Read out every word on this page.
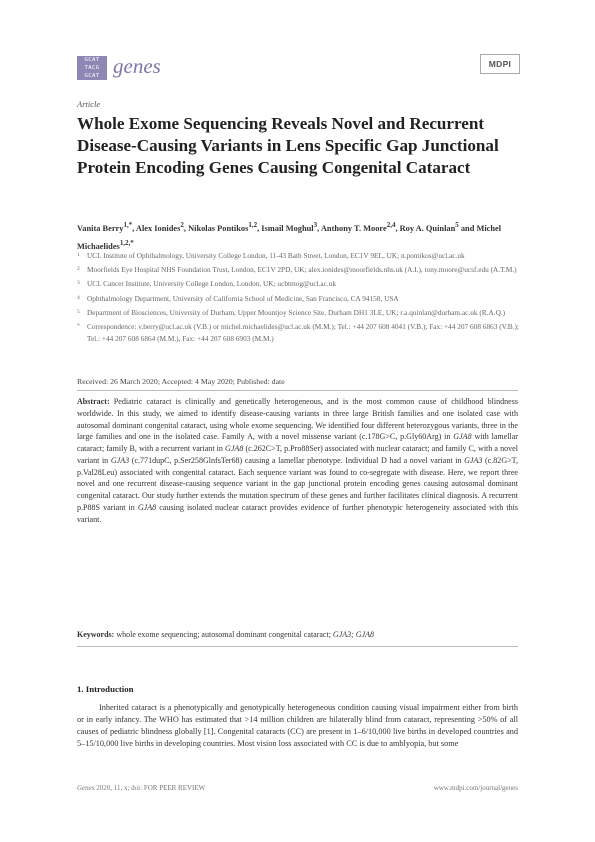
GCAT
TACG
GCAT genes	MDPI
Article
Whole Exome Sequencing Reveals Novel and Recurrent Disease-Causing Variants in Lens Specific Gap Junctional Protein Encoding Genes Causing Congenital Cataract

Vanita Berry$^{1,*}$, Alex Ionides$^2$, Nikolas Pontikos$^{1,2}$, Ismail Moghul$^3$, Anthony T. Moore$^{2,4}$, Roy A. Quinlan$^5$ and Michel Michaelides$^{1,2,*}$

1 UCL Institute of Ophthalmology, University College London, 11-43 Bath Street, London, EC1V 9EL, UK; n.pontikos@ucl.ac.uk
2 Moorfields Eye Hospital NHS Foundation Trust, London, EC1V 2PD, UK; alex.ionides@moorfields.nhs.uk (A.I.), tony.moore@ucsf.edu (A.T.M.)
3 UCL Cancer Institute, University College London, London, UK; ucbtmog@ucl.ac.uk
4 Ophthalmology Department, University of California School of Medicine, San Francisco, CA 94158, USA
5 Department of Biosciences, University of Durham, Upper Mountjoy Science Site, Durham DH1 3LE, UK; r.a.quinlan@durham.ac.uk (R.A.Q.)
* Correspondence: v.berry@ucl.ac.uk (V.B.) or michel.michaelides@ucl.ac.uk (M.M.); Tel.: +44 207 608 4041 (V.B.); Fax: +44 207 608 6863 (V.B.); Tel.: +44 207 608 6864 (M.M.), Fax: +44 207 608 6903 (M.M.)
Received: 26 March 2020; Accepted: 4 May 2020; Published: date

Abstract: Pediatric cataract is clinically and genetically heterogeneous, and is the most common cause of childhood blindness worldwide. In this study, we aimed to identify disease-causing variants in three large British families and one isolated case with autosomal dominant congenital cataract, using whole exome sequencing. We identified four different heterozygous variants, three in the large families and one in the isolated case. Family A, with a novel missense variant (c.178G>C, p.Gly60Arg) in GJA8 with lamellar cataract; family B, with a recurrent variant in GJA8 (c.262C>T, p.Pro88Ser) associated with nuclear cataract; and family C, with a novel variant in GJA3 (c.771dupC, p.Ser258GlnfsTer68) causing a lamellar phenotype. Individual D had a novel variant in GJA3 (c.82G>T, p.Val28Leu) associated with congenital cataract. Each sequence variant was found to co-segregate with disease. Here, we report three novel and one recurrent disease-causing sequence variant in the gap junctional protein encoding genes causing autosomal dominant congenital cataract. Our study further extends the mutation spectrum of these genes and further facilitates clinical diagnosis. A recurrent p.P88S variant in GJA8 causing isolated nuclear cataract provides evidence of further phenotypic heterogeneity associated with this variant.

Keywords: whole exome sequencing; autosomal dominant congenital cataract; GJA3; GJA8

1. Introduction

Inherited cataract is a phenotypically and genotypically heterogeneous condition causing visual impairment either from birth or in early infancy. The WHO has estimated that >14 million children are bilaterally blind from cataract, representing >50% of all causes of pediatric blindness globally [1]. Congenital cataracts (CC) are present in 1–6/10,000 live births in developed countries and 5–15/10,000 live births in developing countries. Most vision loss associated with CC is due to amblyopia, but some

Genes 2020, 11, x; doi: FOR PEER REVIEW	www.mdpi.com/journal/genes
